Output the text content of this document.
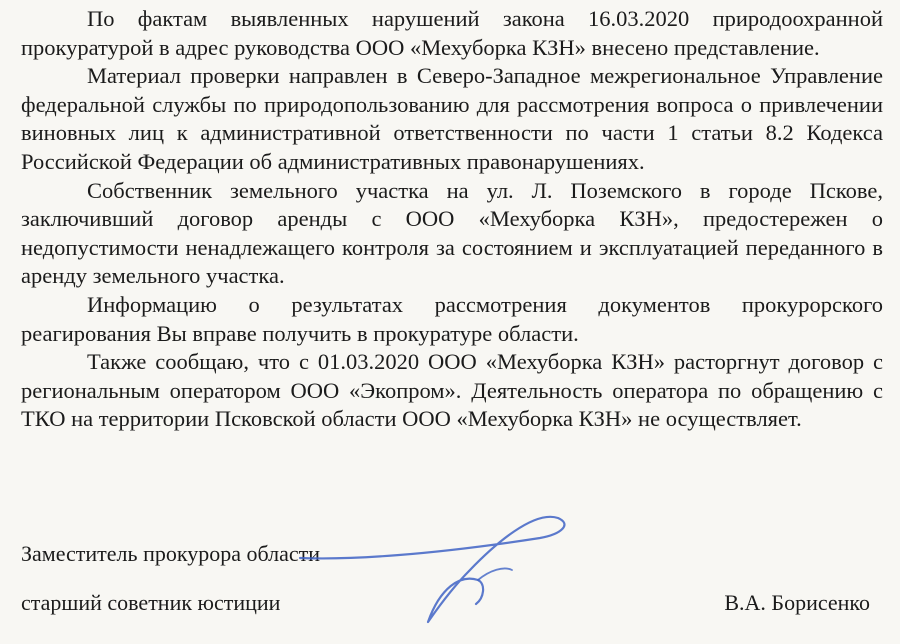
По фактам выявленных нарушений закона 16.03.2020 природоохранной прокуратурой в адрес руководства ООО «Мехуборка КЗН» внесено представление.

Материал проверки направлен в Северо-Западное межрегиональное Управление федеральной службы по природопользованию для рассмотрения вопроса о привлечении виновных лиц к административной ответственности по части 1 статьи 8.2 Кодекса Российской Федерации об административных правонарушениях.

Собственник земельного участка на ул. Л. Поземского в городе Пскове, заключивший договор аренды с ООО «Мехуборка КЗН», предостережен о недопустимости ненадлежащего контроля за состоянием и эксплуатацией переданного в аренду земельного участка.

Информацию о результатах рассмотрения документов прокурорского реагирования Вы вправе получить в прокуратуре области.

Также сообщаю, что с 01.03.2020 ООО «Мехуборка КЗН» расторгнут договор с региональным оператором ООО «Экопром». Деятельность оператора по обращению с ТКО на территории Псковской области ООО «Мехуборка КЗН» не осуществляет.

Заместитель прокурора области
старший советник юстиции	В.А. Борисенко
